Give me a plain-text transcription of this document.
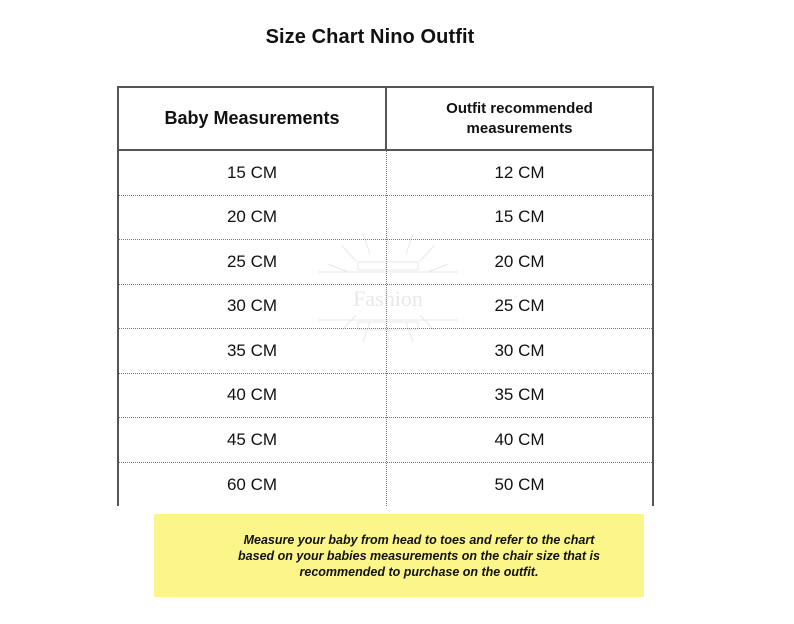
Size Chart Nino Outfit
Baby Measurements	Outfit recommended measurements
15 CM	12 CM
20 CM	15 CM
25 CM	20 CM
30 CM	25 CM
35 CM	30 CM
40 CM	35 CM
45 CM	40 CM
60 CM	50 CM
Fashion
Measure your baby from head to toes and refer to the chart based on your babies measurements on the chair size that is recommended to purchase on the outfit.
